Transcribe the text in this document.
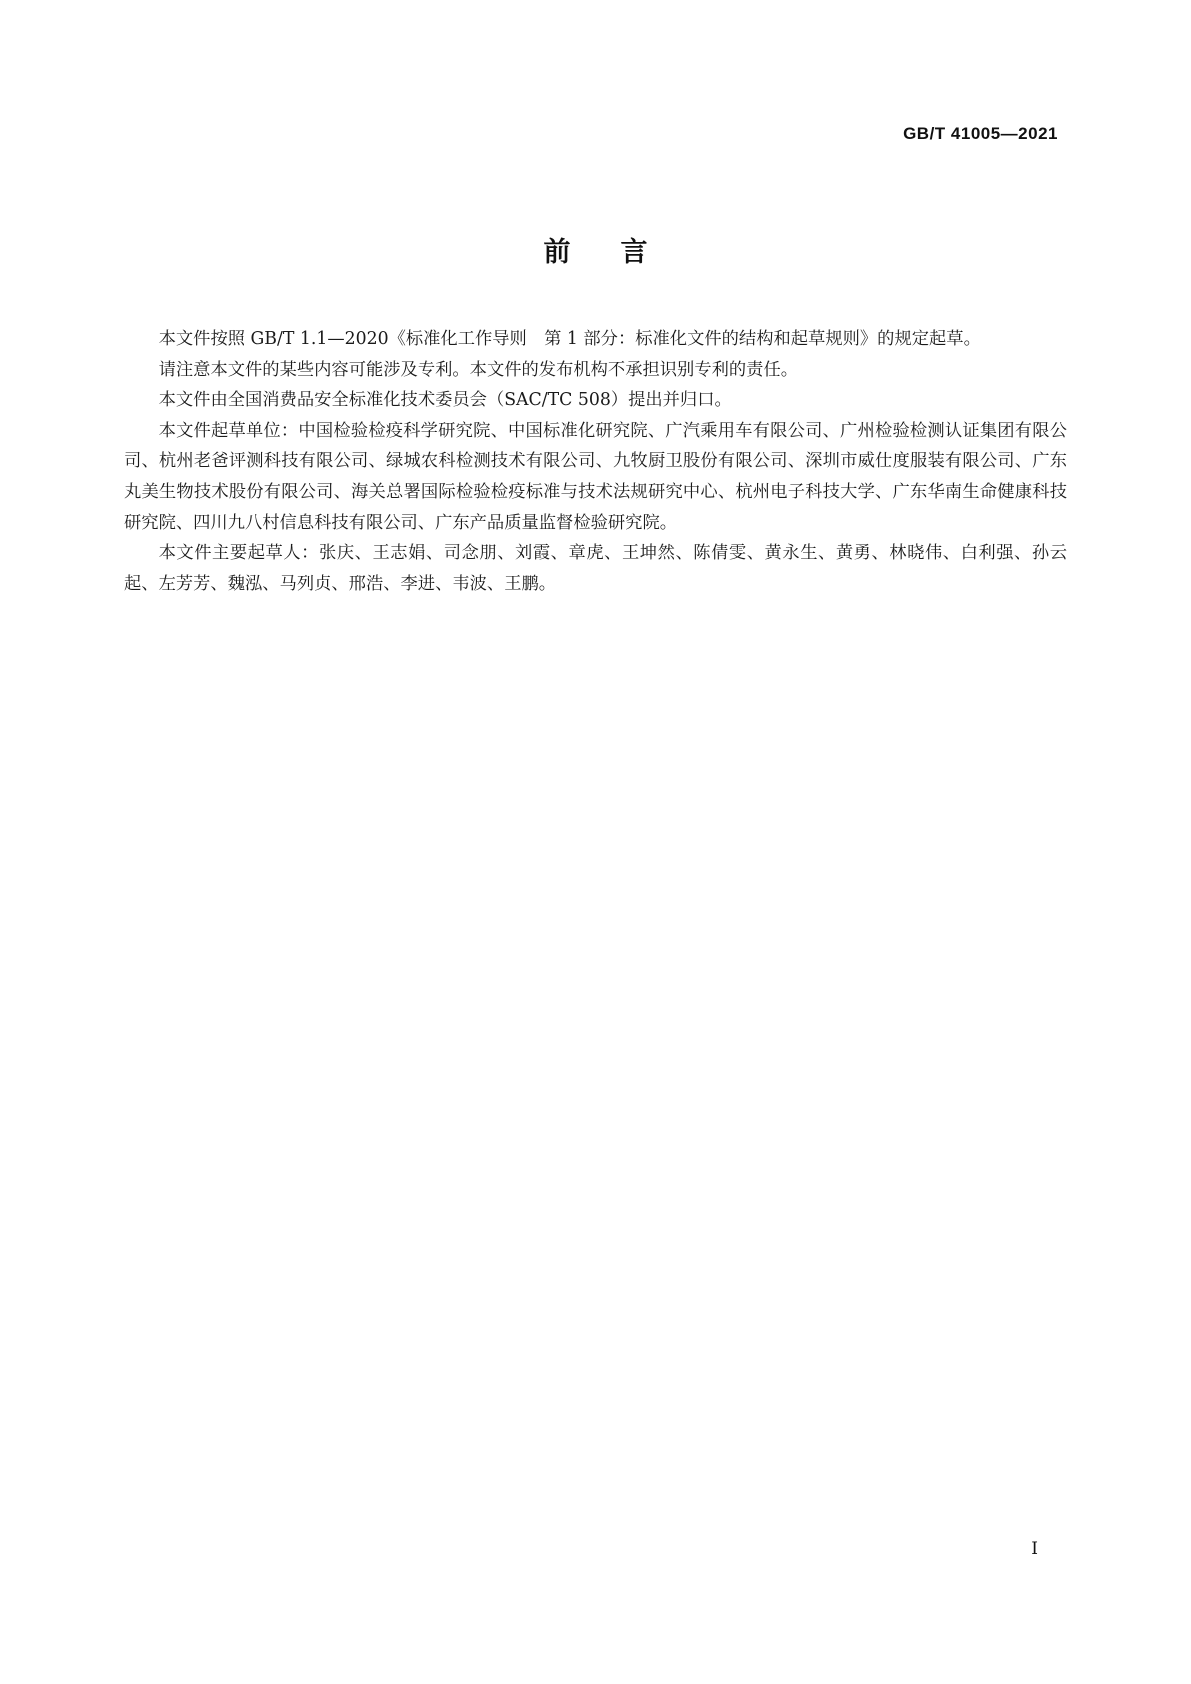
GB/T 41005—2021
前言

本文件按照 GB/T 1.1—2020《标准化工作导则　第 1 部分：标准化文件的结构和起草规则》的规定起草。

请注意本文件的某些内容可能涉及专利。本文件的发布机构不承担识别专利的责任。

本文件由全国消费品安全标准化技术委员会（SAC/TC 508）提出并归口。

本文件起草单位：中国检验检疫科学研究院、中国标准化研究院、广汽乘用车有限公司、广州检验检测认证集团有限公司、杭州老爸评测科技有限公司、绿城农科检测技术有限公司、九牧厨卫股份有限公司、深圳市威仕度服装有限公司、广东丸美生物技术股份有限公司、海关总署国际检验检疫标准与技术法规研究中心、杭州电子科技大学、广东华南生命健康科技研究院、四川九八村信息科技有限公司、广东产品质量监督检验研究院。

本文件主要起草人：张庆、王志娟、司念朋、刘霞、章虎、王坤然、陈倩雯、黄永生、黄勇、林晓伟、白利强、孙云起、左芳芳、魏泓、马列贞、邢浩、李进、韦波、王鹏。

I
